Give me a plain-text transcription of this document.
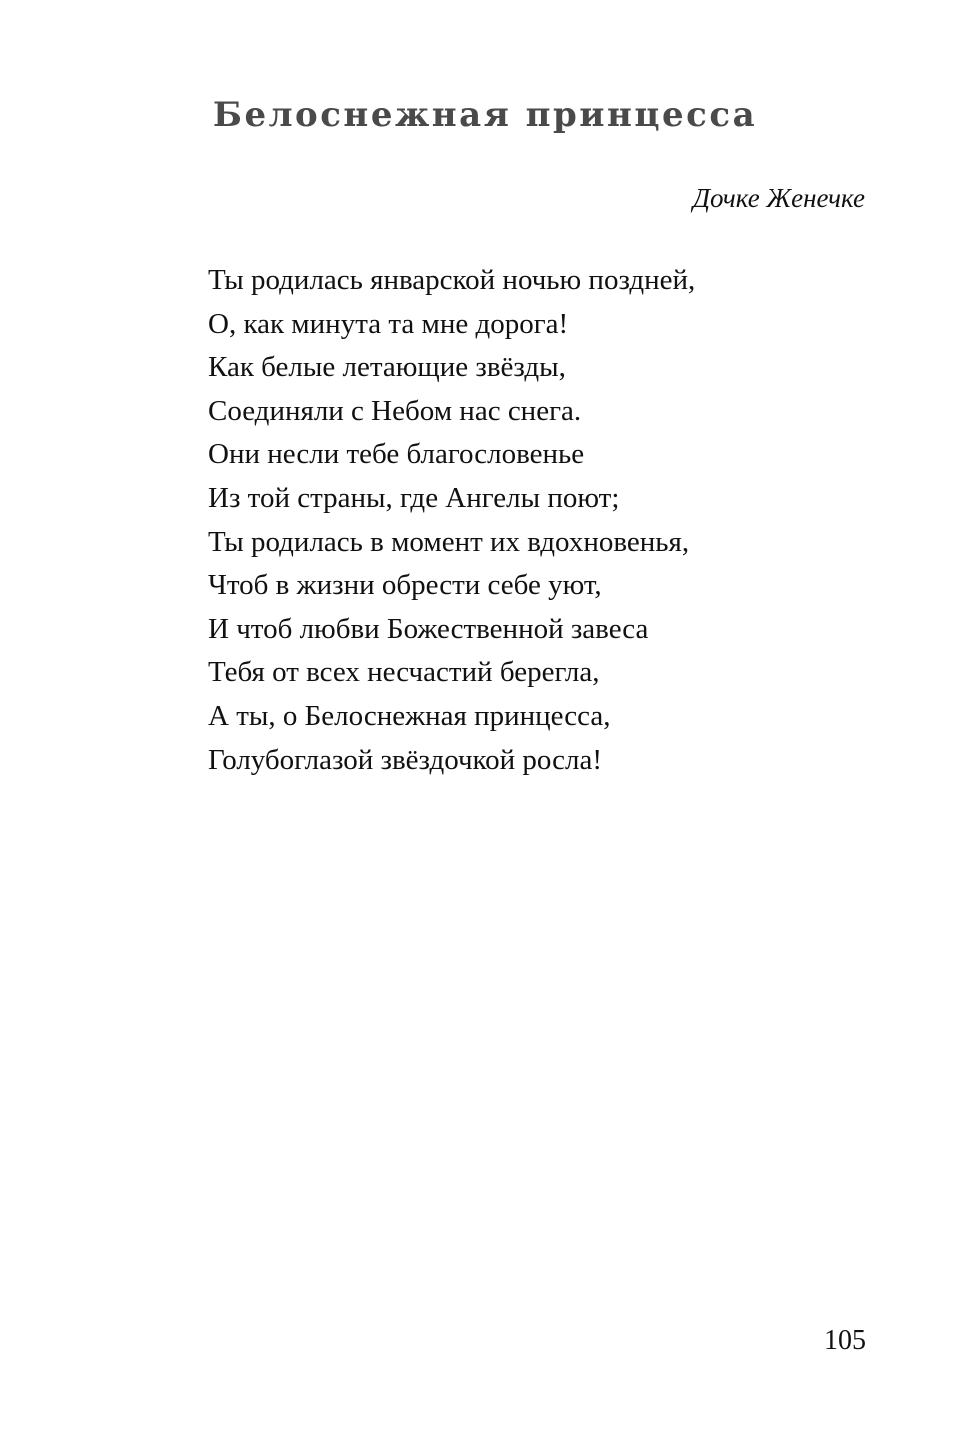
Белоснежная принцесса
Дочке Женечке
Ты родилась январской ночью поздней,
О, как минута та мне дорога!
Как белые летающие звёзды,
Соединяли с Небом нас снега.
Они несли тебе благословенье
Из той страны, где Ангелы поют;
Ты родилась в момент их вдохновенья,
Чтоб в жизни обрести себе уют,
И чтоб любви Божественной завеса
Тебя от всех несчастий берегла,
А ты, о Белоснежная принцесса,
Голубоглазой звёздочкой росла!
105
